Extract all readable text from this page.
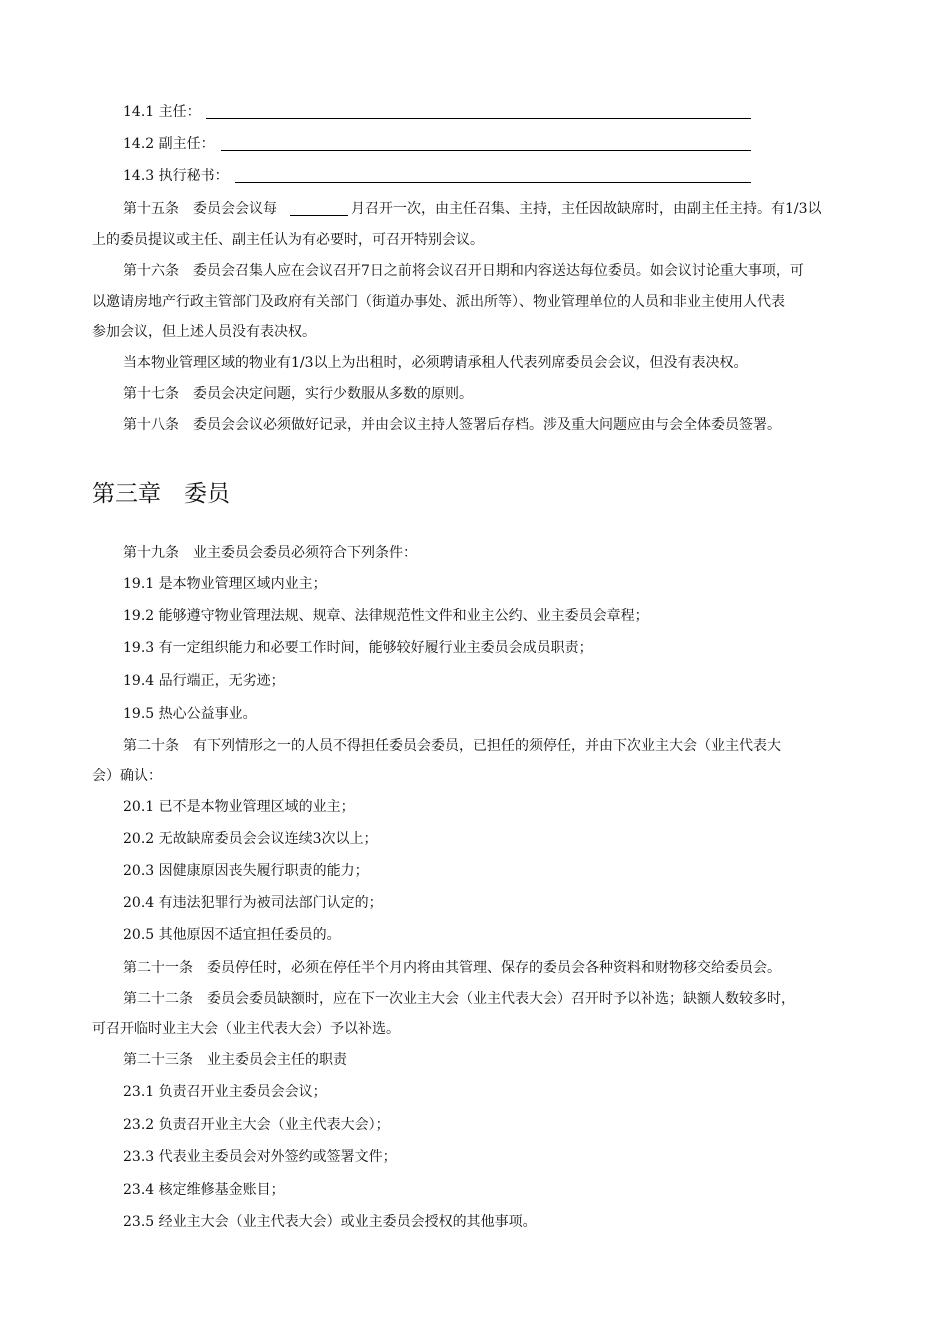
14.1 主任：
14.2 副主任：
14.3 执行秘书：
第十五条　委员会会议每	月召开一次，由主任召集、主持，主任因故缺席时，由副主任主持。有1/3以
上的委员提议或主任、副主任认为有必要时，可召开特别会议。
第十六条　委员会召集人应在会议召开7日之前将会议召开日期和内容送达每位委员。如会议讨论重大事项，可
以邀请房地产行政主管部门及政府有关部门（街道办事处、派出所等）、物业管理单位的人员和非业主使用人代表
参加会议，但上述人员没有表决权。
当本物业管理区域的物业有1/3以上为出租时，必须聘请承租人代表列席委员会会议，但没有表决权。
第十七条　委员会决定问题，实行少数服从多数的原则。
第十八条　委员会会议必须做好记录，并由会议主持人签署后存档。涉及重大问题应由与会全体委员签署。
第三章　委员
第十九条　业主委员会委员必须符合下列条件：
19.1 是本物业管理区域内业主；
19.2 能够遵守物业管理法规、规章、法律规范性文件和业主公约、业主委员会章程；
19.3 有一定组织能力和必要工作时间，能够较好履行业主委员会成员职责；
19.4 品行端正，无劣迹；
19.5 热心公益事业。
第二十条　有下列情形之一的人员不得担任委员会委员，已担任的须停任，并由下次业主大会（业主代表大
会）确认：
20.1 已不是本物业管理区域的业主；
20.2 无故缺席委员会会议连续3次以上；
20.3 因健康原因丧失履行职责的能力；
20.4 有违法犯罪行为被司法部门认定的；
20.5 其他原因不适宜担任委员的。
第二十一条　委员停任时，必须在停任半个月内将由其管理、保存的委员会各种资料和财物移交给委员会。
第二十二条　委员会委员缺额时，应在下一次业主大会（业主代表大会）召开时予以补选；缺额人数较多时，
可召开临时业主大会（业主代表大会）予以补选。
第二十三条　业主委员会主任的职责
23.1 负责召开业主委员会会议；
23.2 负责召开业主大会（业主代表大会）；
23.3 代表业主委员会对外签约或签署文件；
23.4 核定维修基金账目；
23.5 经业主大会（业主代表大会）或业主委员会授权的其他事项。
